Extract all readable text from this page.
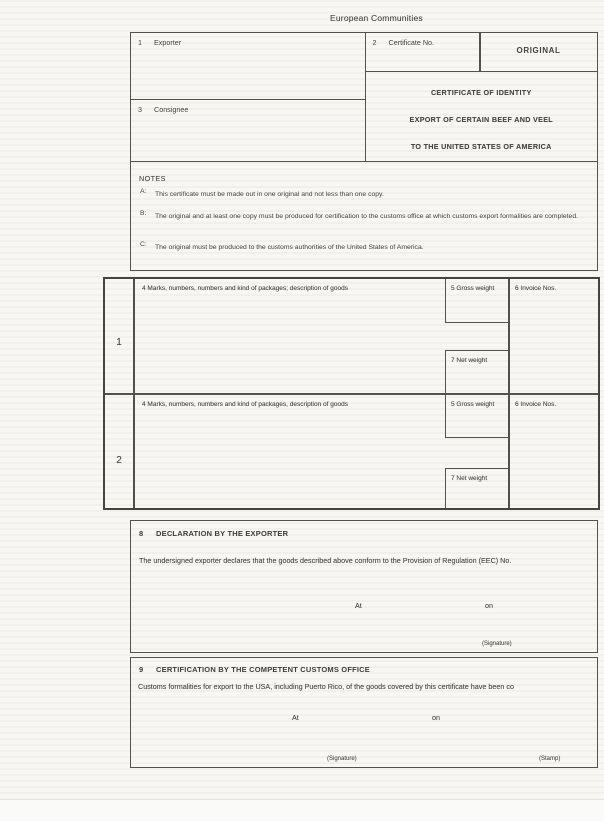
European Communities
1	Exporter	2	Certificate No.
ORIGINAL
CERTIFICATE OF IDENTITY
EXPORT OF CERTAIN BEEF AND VEEL
TO THE UNITED STATES OF AMERICA
3	Consignee
NOTES
A:	This certificate must be made out in one original and not less than one copy.
B:	The original and at least one copy must be produced for certification to the customs office at which customs export formalities are completed.
C:	The original must be produced to the customs authorities of the United States of America.
1
4 Marks, numbers, numbers and kind of packages; description of goods	5 Gross weight
7 Net weight
6 Invoice Nos.
2
4 Marks, numbers, numbers and kind of packages, description of goods	5 Gross weight
7 Net weight
6 Invoice Nos.
8	DECLARATION BY THE EXPORTER
The undersigned exporter declares that the goods described above conform to the Provision of Regulation (EEC) No.
At	on
(Signature)
9	CERTIFICATION BY THE COMPETENT CUSTOMS OFFICE
Customs formalities for export to the USA, including Puerto Rico, of the goods covered by this certificate have been co
At	on
(Signature)	(Stamp)
